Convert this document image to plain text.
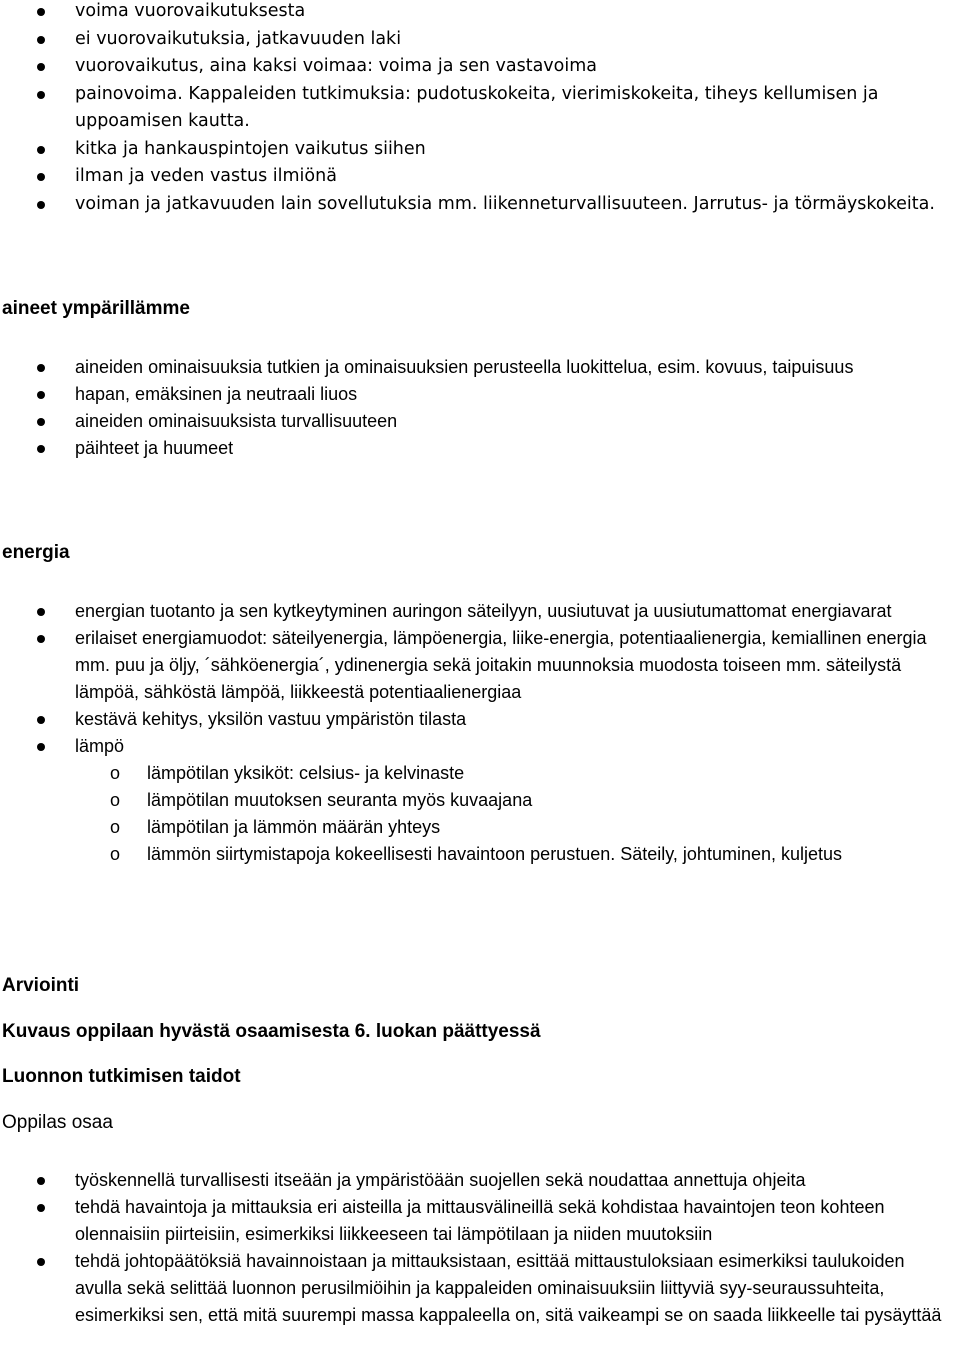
voima vuorovaikutuksesta
ei vuorovaikutuksia, jatkavuuden laki
vuorovaikutus, aina kaksi voimaa: voima ja sen vastavoima
painovoima. Kappaleiden tutkimuksia: pudotuskokeita, vierimiskokeita, tiheys kellumisen ja uppoamisen kautta.
kitka ja hankauspintojen vaikutus siihen
ilman ja veden vastus ilmiönä
voiman ja jatkavuuden lain sovellutuksia mm. liikenneturvallisuuteen. Jarrutus- ja törmäyskokeita.
aineet ympärillämme
aineiden ominaisuuksia tutkien ja ominaisuuksien perusteella luokittelua, esim. kovuus, taipuisuus
hapan, emäksinen ja neutraali liuos
aineiden ominaisuuksista turvallisuuteen
päihteet ja huumeet
energia
energian tuotanto ja sen kytkeytyminen auringon säteilyyn, uusiutuvat ja uusiutumattomat energiavarat
erilaiset energiamuodot: säteilyenergia, lämpöenergia, liike-energia, potentiaalienergia, kemiallinen energia mm. puu ja öljy, ´sähköenergia´, ydinenergia sekä joitakin muunnoksia muodosta toiseen mm. säteilystä lämpöä, sähköstä lämpöä, liikkeestä potentiaalienergiaa
kestävä kehitys, yksilön vastuu ympäristön tilasta
lämpö
o lämpötilan yksiköt: celsius- ja kelvinaste
o lämpötilan muutoksen seuranta myös kuvaajana
o lämpötilan ja lämmön määrän yhteys
o lämmön siirtymistapoja kokeellisesti havaintoon perustuen. Säteily, johtuminen, kuljetus
Arviointi
Kuvaus oppilaan hyvästä osaamisesta 6. luokan päättyessä
Luonnon tutkimisen taidot

Oppilas osaa

työskennellä turvallisesti itseään ja ympäristöään suojellen sekä noudattaa annettuja ohjeita
tehdä havaintoja ja mittauksia eri aisteilla ja mittausvälineillä sekä kohdistaa havaintojen teon kohteen olennaisiin piirteisiin, esimerkiksi liikkeeseen tai lämpötilaan ja niiden muutoksiin
tehdä johtopäätöksiä havainnoistaan ja mittauksistaan, esittää mittaustuloksiaan esimerkiksi taulukoiden avulla sekä selittää luonnon perusilmiöihin ja kappaleiden ominaisuuksiin liittyviä syy-seuraussuhteita, esimerkiksi sen, että mitä suurempi massa kappaleella on, sitä vaikeampi se on saada liikkeelle tai pysäyttää
